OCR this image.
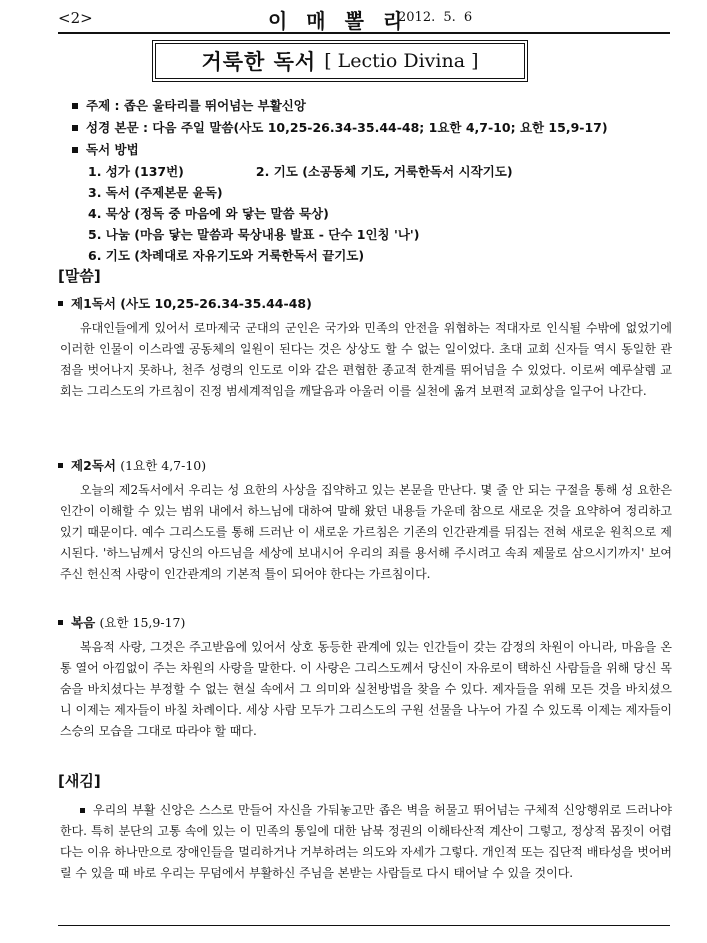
<2>	이 매 뽈 리
2012. 5. 6
거룩한 독서 [ Lectio Divina ]
주제 : 좁은 울타리를 뛰어넘는 부활신앙
성경 본문 : 다음 주일 말씀(사도 10,25-26.34-35.44-48; 1요한 4,7-10; 요한 15,9-17)
독서 방법
1. 성가 (137번)	2. 기도 (소공동체 기도, 거룩한독서 시작기도)
3. 독서 (주제본문 윤독)
4. 묵상 (정독 중 마음에 와 닿는 말씀 묵상)
5. 나눔 (마음 닿는 말씀과 묵상내용 발표 - 단수 1인칭 '나')
6. 기도 (차례대로 자유기도와 거룩한독서 끝기도)
[말씀]
제1독서
(사도 10,25-26.34-35.44-48)
유대인들에게 있어서 로마제국 군대의 군인은 국가와 민족의 안전을 위협하는 적대자로 인식될 수밖에 없었기에 이러한 인물이 이스라엘 공동체의 일원이 된다는 것은 상상도 할 수 없는 일이었다. 초대 교회 신자들 역시 동일한 관점을 벗어나지 못하나, 천주 성령의 인도로 이와 같은 편협한 종교적 한계를 뛰어넘을 수 있었다. 이로써 예루살렘 교회는 그리스도의 가르침이 진정 범세계적임을 깨달음과 아울러 이를 실천에 옮겨 보편적 교회상을 일구어 나간다.
제2독서
(1요한 4,7-10)
오늘의 제2독서에서 우리는 성 요한의 사상을 집약하고 있는 본문을 만난다. 몇 줄 안 되는 구절을 통해 성 요한은 인간이 이해할 수 있는 범위 내에서 하느님에 대하여 말해 왔던 내용들 가운데 참으로 새로운 것을 요약하여 정리하고 있기 때문이다. 예수 그리스도를 통해 드러난 이 새로운 가르침은 기존의 인간관계를 뒤집는 전혀 새로운 원칙으로 제시된다. '하느님께서 당신의 아드님을 세상에 보내시어 우리의 죄를 용서해 주시려고 속죄 제물로 삼으시기까지' 보여 주신 헌신적 사랑이 인간관계의 기본적 틀이 되어야 한다는 가르침이다.
복음
(요한 15,9-17)
복음적 사랑, 그것은 주고받음에 있어서 상호 동등한 관계에 있는 인간들이 갖는 감정의 차원이 아니라, 마음을 온통 열어 아낌없이 주는 차원의 사랑을 말한다. 이 사랑은 그리스도께서 당신이 자유로이 택하신 사람들을 위해 당신 목숨을 바치셨다는 부정할 수 없는 현실 속에서 그 의미와 실천방법을 찾을 수 있다. 제자들을 위해 모든 것을 바치셨으니 이제는 제자들이 바칠 차례이다. 세상 사람 모두가 그리스도의 구원 선물을 나누어 가질 수 있도록 이제는 제자들이 스승의 모습을 그대로 따라야 할 때다.
[새김]
우리의 부활 신앙은 스스로 만들어 자신을 가둬놓고만 좁은 벽을 허물고 뛰어넘는 구체적 신앙행위로 드러나야 한다. 특히 분단의 고통 속에 있는 이 민족의 통일에 대한 남북 정권의 이해타산적 계산이 그렇고, 정상적 몸짓이 어렵다는 이유 하나만으로 장애인들을 멀리하거나 거부하려는 의도와 자세가 그렇다. 개인적 또는 집단적 배타성을 벗어버릴 수 있을 때 바로 우리는 무덤에서 부활하신 주님을 본받는 사람들로 다시 태어날 수 있을 것이다.
